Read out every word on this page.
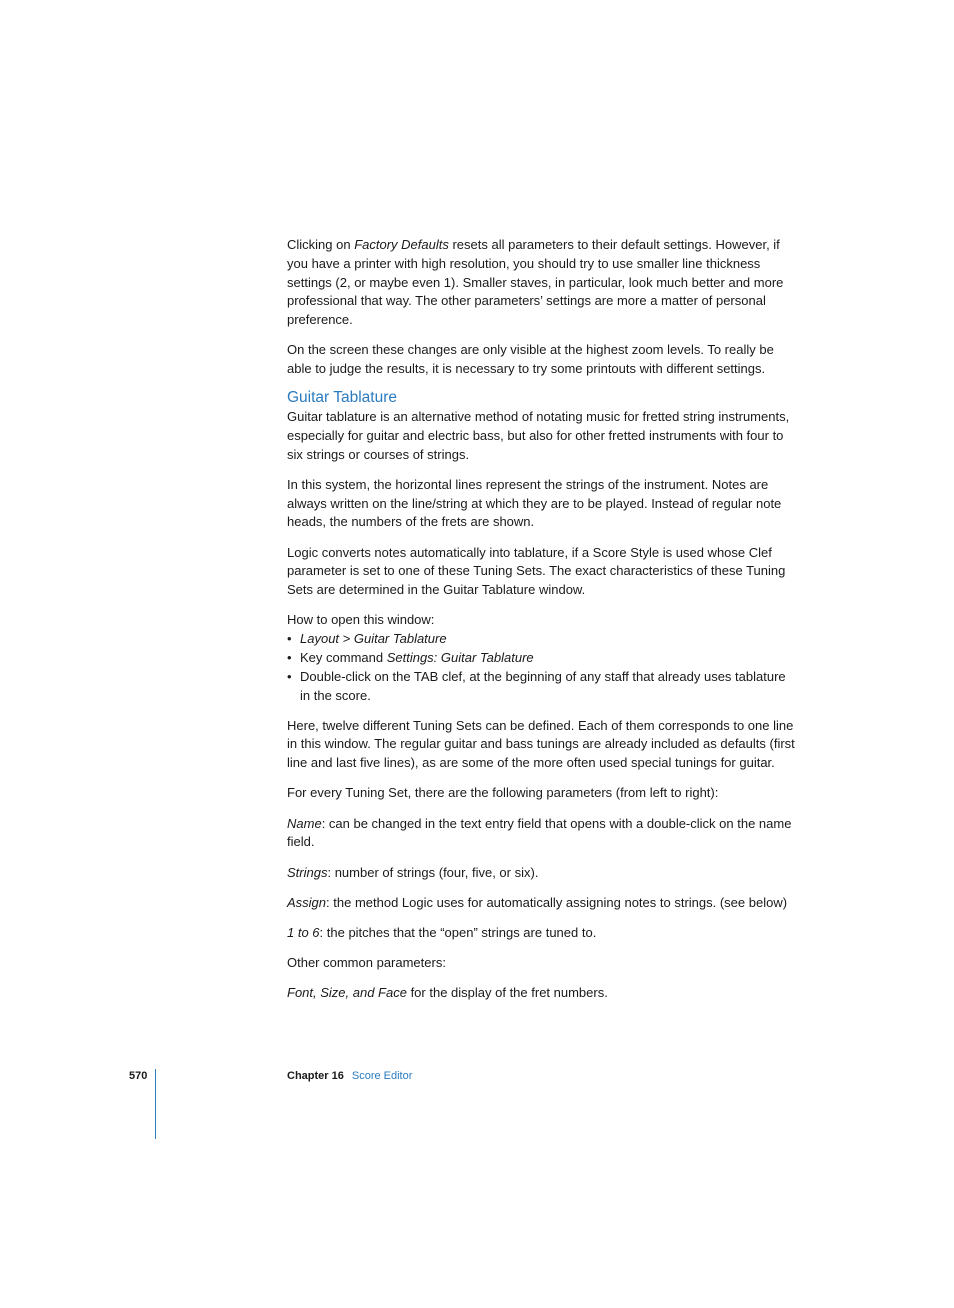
Clicking on Factory Defaults resets all parameters to their default settings. However, if you have a printer with high resolution, you should try to use smaller line thickness settings (2, or maybe even 1). Smaller staves, in particular, look much better and more professional that way. The other parameters’ settings are more a matter of personal preference.

On the screen these changes are only visible at the highest zoom levels. To really be able to judge the results, it is necessary to try some printouts with different settings.

Guitar Tablature

Guitar tablature is an alternative method of notating music for fretted string instruments, especially for guitar and electric bass, but also for other fretted instruments with four to six strings or courses of strings.

In this system, the horizontal lines represent the strings of the instrument. Notes are always written on the line/string at which they are to be played. Instead of regular note heads, the numbers of the frets are shown.

Logic converts notes automatically into tablature, if a Score Style is used whose Clef parameter is set to one of these Tuning Sets. The exact characteristics of these Tuning Sets are determined in the Guitar Tablature window.

How to open this window:

• Layout > Guitar Tablature
• Key command Settings: Guitar Tablature
• Double-click on the TAB clef, at the beginning of any staff that already uses tablature in the score.

Here, twelve different Tuning Sets can be defined. Each of them corresponds to one line in this window. The regular guitar and bass tunings are already included as defaults (first line and last five lines), as are some of the more often used special tunings for guitar.

For every Tuning Set, there are the following parameters (from left to right):

Name: can be changed in the text entry field that opens with a double-click on the name field.

Strings: number of strings (four, five, or six).

Assign: the method Logic uses for automatically assigning notes to strings. (see below)

1 to 6: the pitches that the “open” strings are tuned to.

Other common parameters:

Font, Size, and Face for the display of the fret numbers.

570	Chapter 16 Score Editor
